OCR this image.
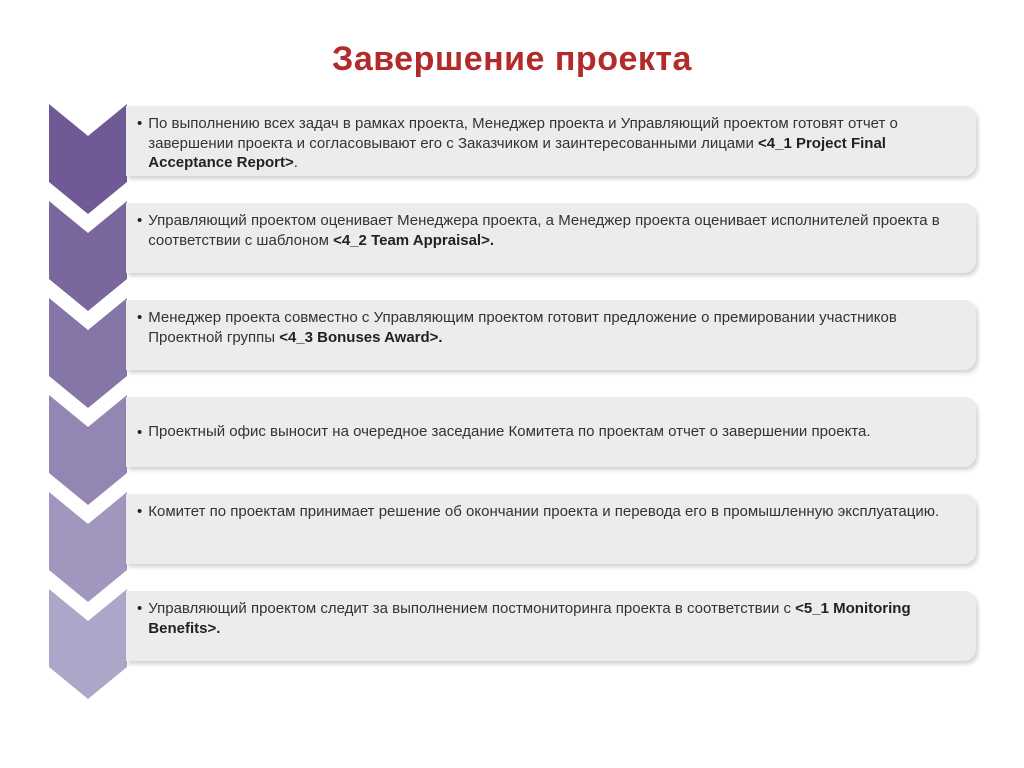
Завершение проекта
• По выполнению всех задач в рамках проекта, Менеджер проекта и Управляющий проектом готовят отчет о завершении проекта и согласовывают его с Заказчиком и заинтересованными лицами <4_1 Project Final Acceptance Report>.
• Управляющий проектом оценивает Менеджера проекта, а Менеджер проекта оценивает исполнителей проекта в соответствии с шаблоном <4_2 Team Appraisal>.
• Менеджер проекта совместно с Управляющим проектом готовит предложение о премировании участников Проектной группы <4_3 Bonuses Award>.
• Проектный офис выносит на очередное заседание Комитета по проектам отчет о завершении проекта.
• Комитет по проектам принимает решение об окончании проекта и перевода его в промышленную эксплуатацию.
• Управляющий проектом следит за выполнением постмониторинга проекта в соответствии с <5_1 Monitoring Benefits>.
